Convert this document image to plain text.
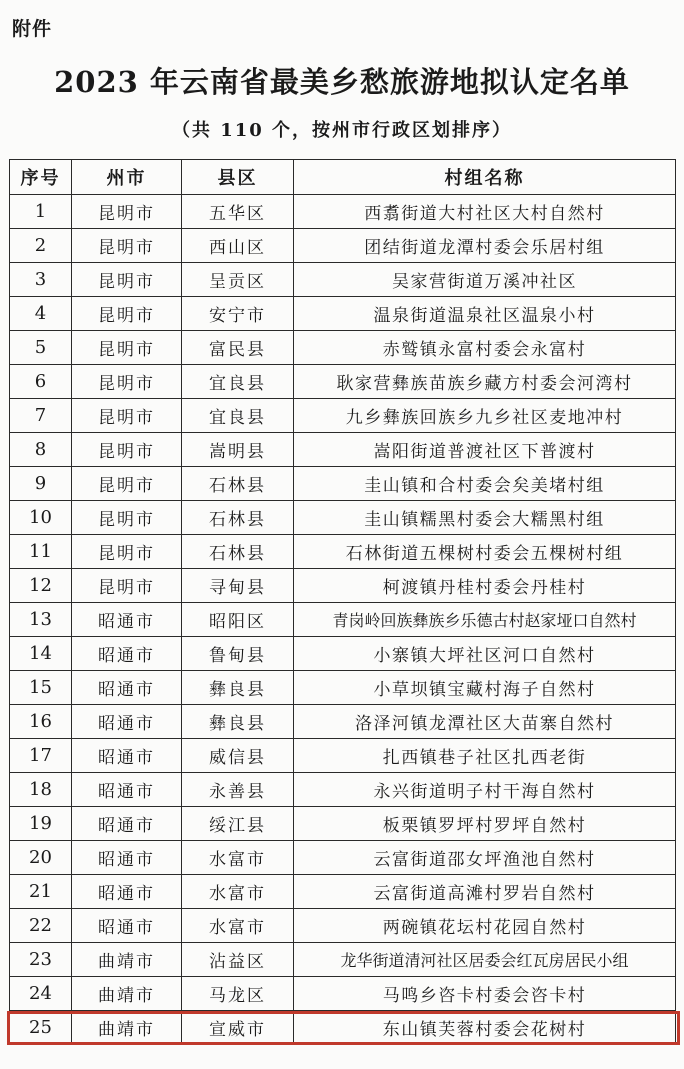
附件
2023 年云南省最美乡愁旅游地拟认定名单
（共 110 个，按州市行政区划排序）
序号	州市	县区	村组名称
1	昆明市	五华区	西翥街道大村社区大村自然村
2	昆明市	西山区	团结街道龙潭村委会乐居村组
3	昆明市	呈贡区	吴家营街道万溪冲社区
4	昆明市	安宁市	温泉街道温泉社区温泉小村
5	昆明市	富民县	赤鹫镇永富村委会永富村
6	昆明市	宜良县	耿家营彝族苗族乡藏方村委会河湾村
7	昆明市	宜良县	九乡彝族回族乡九乡社区麦地冲村
8	昆明市	嵩明县	嵩阳街道普渡社区下普渡村
9	昆明市	石林县	圭山镇和合村委会矣美堵村组
10	昆明市	石林县	圭山镇糯黑村委会大糯黑村组
11	昆明市	石林县	石林街道五棵树村委会五棵树村组
12	昆明市	寻甸县	柯渡镇丹桂村委会丹桂村
13	昭通市	昭阳区	青岗岭回族彝族乡乐德古村赵家垭口自然村
14	昭通市	鲁甸县	小寨镇大坪社区河口自然村
15	昭通市	彝良县	小草坝镇宝藏村海子自然村
16	昭通市	彝良县	洛泽河镇龙潭社区大苗寨自然村
17	昭通市	威信县	扎西镇巷子社区扎西老街
18	昭通市	永善县	永兴街道明子村干海自然村
19	昭通市	绥江县	板栗镇罗坪村罗坪自然村
20	昭通市	水富市	云富街道邵女坪渔池自然村
21	昭通市	水富市	云富街道高滩村罗岩自然村
22	昭通市	水富市	两碗镇花坛村花园自然村
23	曲靖市	沾益区	龙华街道清河社区居委会红瓦房居民小组
24	曲靖市	马龙区	马鸣乡咨卡村委会咨卡村
25	曲靖市	宣威市	东山镇芙蓉村委会花树村
